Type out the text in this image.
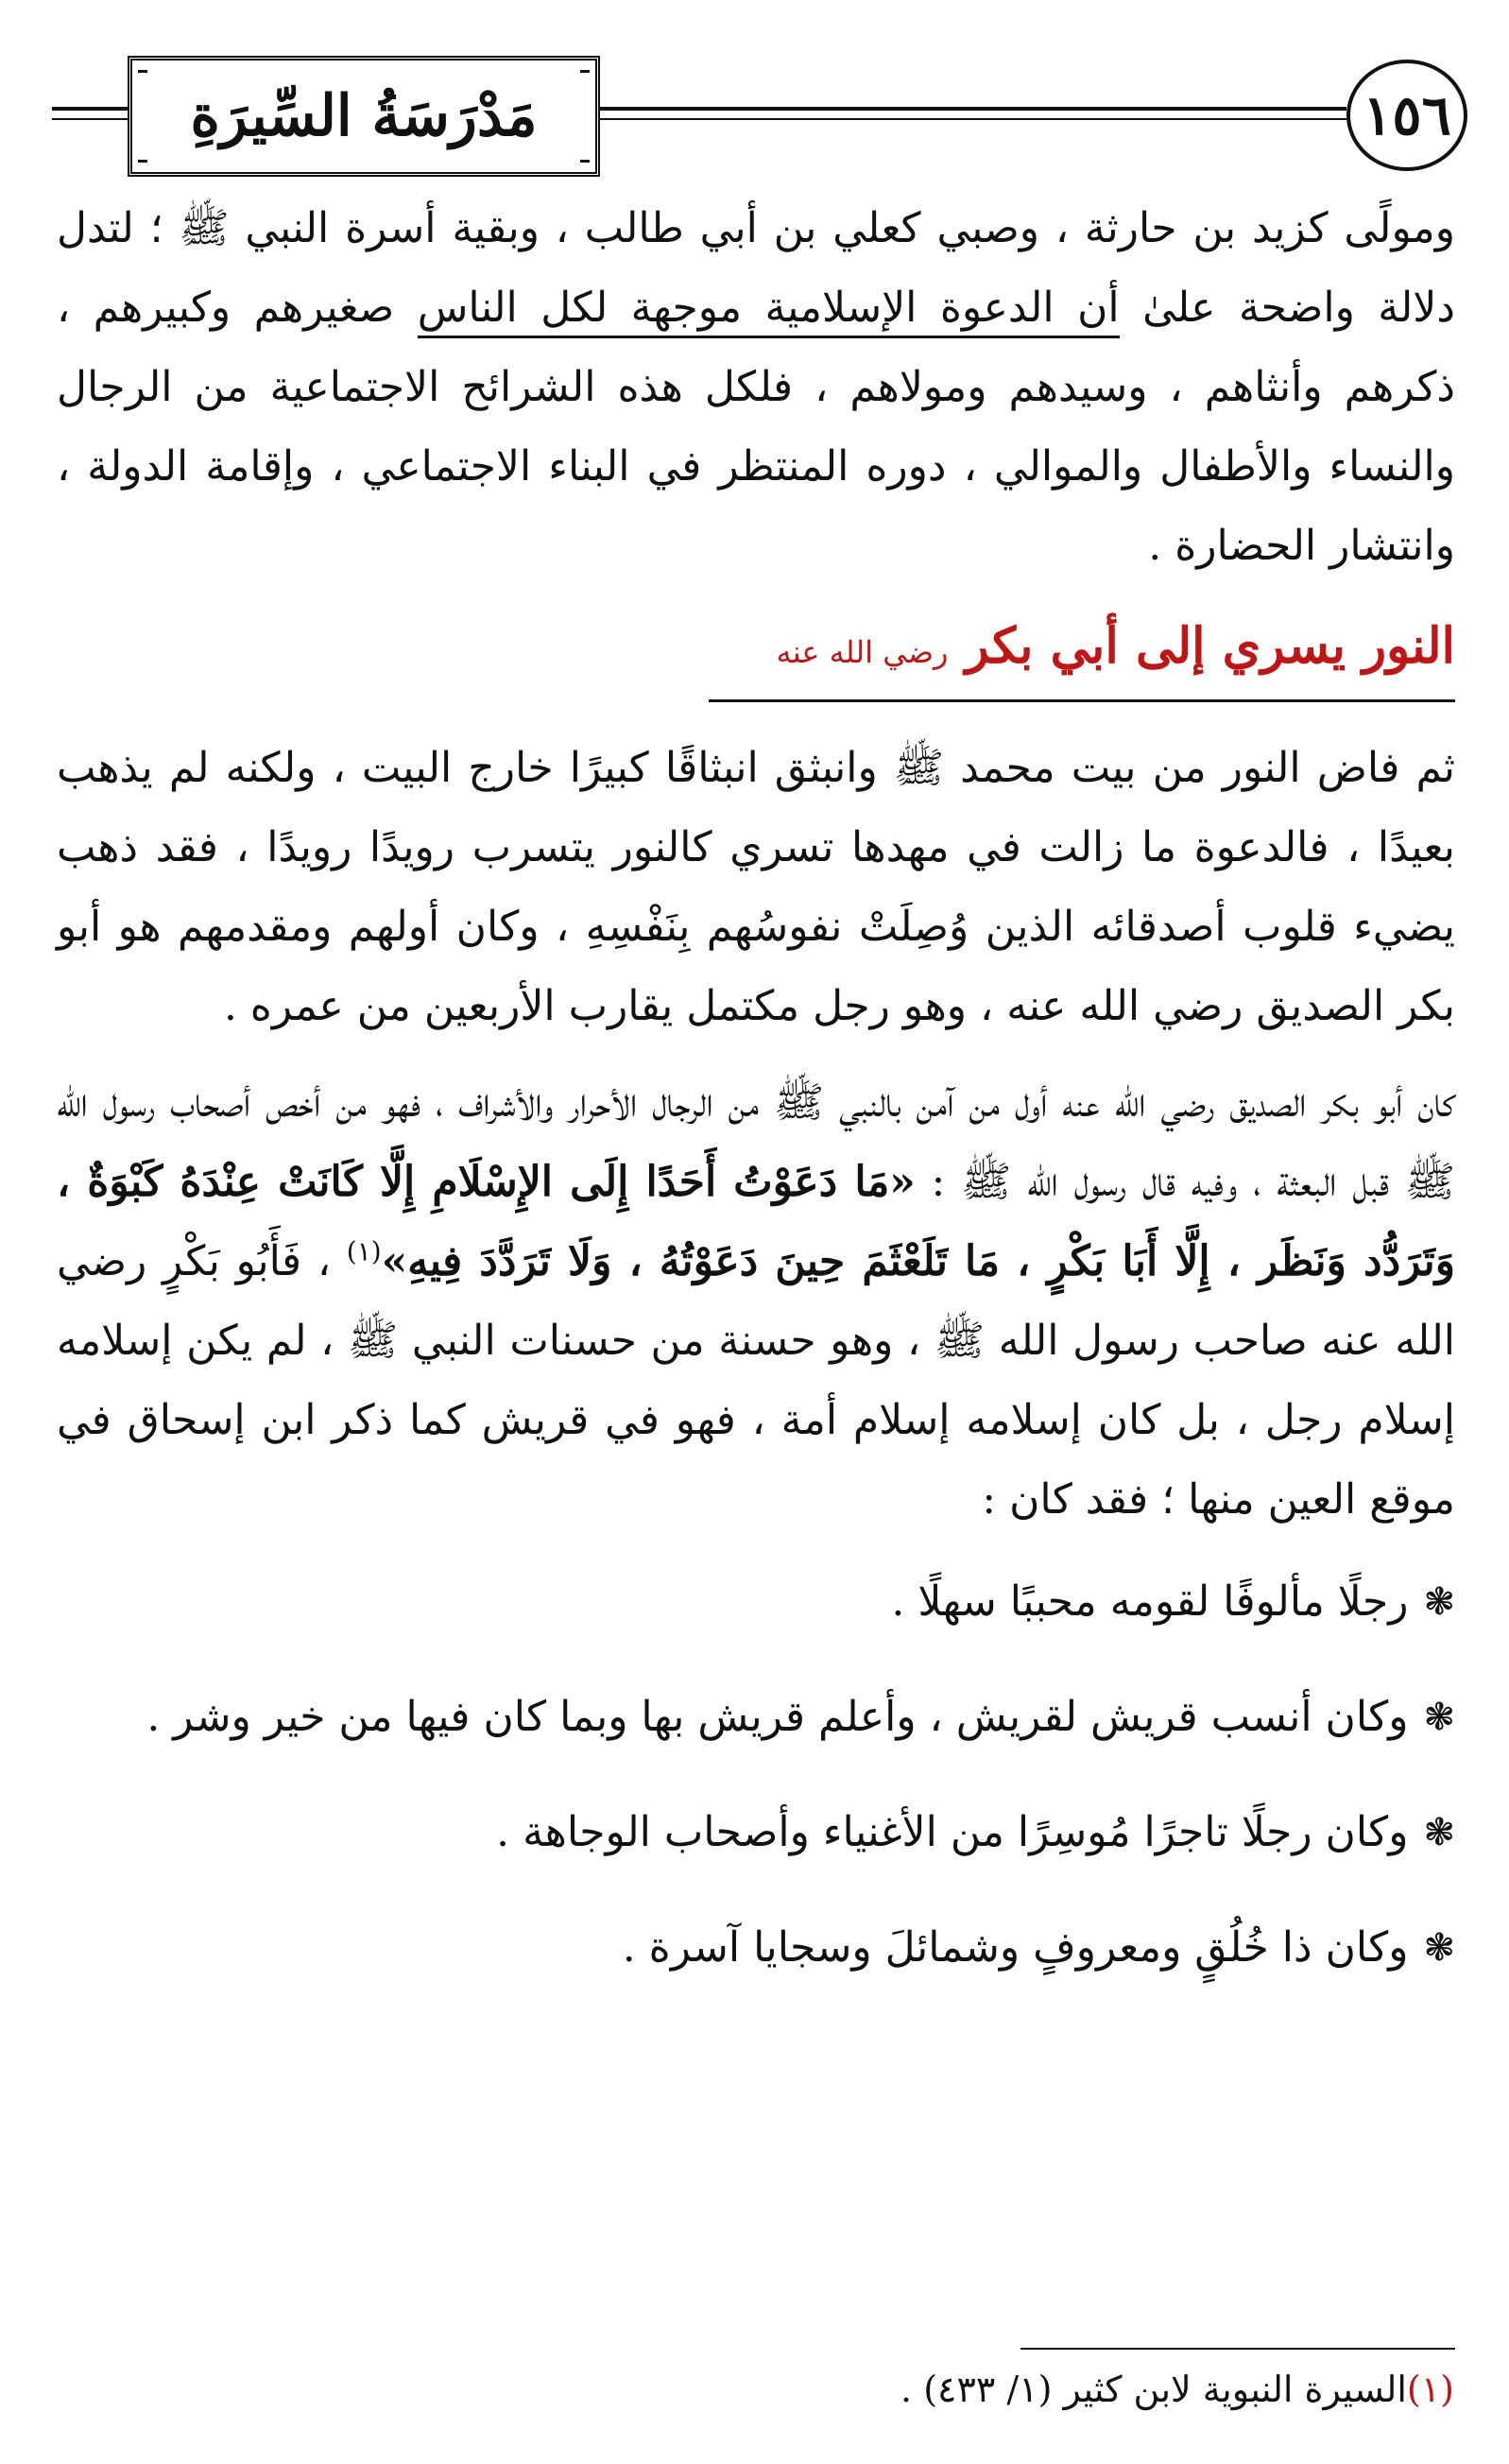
مَدْرَسَةُ السِّيرَةِ	١٥٦

ومولًى كزيد بن حارثة ، وصبي كعلي بن أبي طالب ، وبقية أسرة النبي ﷺ ؛ لتدل دلالة واضحة علىٰ أن الدعوة الإسلامية موجهة لكل الناس صغيرهم وكبيرهم ، ذكرهم وأنثاهم ، وسيدهم ومولاهم ، فلكل هذه الشرائح الاجتماعية من الرجال والنساء والأطفال والموالي ، دوره المنتظر في البناء الاجتماعي ، وإقامة الدولة ، وانتشار الحضارة .

النور يسري إلى أبي بكر رضي الله عنه

ثم فاض النور من بيت محمد ﷺ وانبثق انبثاقًا كبيرًا خارج البيت ، ولكنه لم يذهب بعيدًا ، فالدعوة ما زالت في مهدها تسري كالنور يتسرب رويدًا رويدًا ، فقد ذهب يضيء قلوب أصدقائه الذين وُصِلَتْ نفوسُهم بِنَفْسِهِ ، وكان أولهم ومقدمهم هو أبو بكر الصديق رضي الله عنه ، وهو رجل مكتمل يقارب الأربعين من عمره .

كان أبو بكر الصديق رضي الله عنه أول من آمن بالنبي ﷺ من الرجال الأحرار والأشراف ، فهو من أخص أصحاب رسول الله ﷺ قبل البعثة ، وفيه قال رسول الله ﷺ : «مَا دَعَوْتُ أَحَدًا إِلَى الإِسْلَامِ إِلَّا كَانَتْ عِنْدَهُ كَبْوَةٌ ، وَتَرَدُّد وَنَظَر ، إِلَّا أَبَا بَكْرٍ ، مَا تَلَعْثَمَ حِينَ دَعَوْتُهُ ، وَلَا تَرَدَّدَ فِيهِ»$^{(١)}$ ، فَأَبُو بَكْرٍ رضي الله عنه صاحب رسول الله ﷺ ، وهو حسنة من حسنات النبي ﷺ ، لم يكن إسلامه إسلام رجل ، بل كان إسلامه إسلام أمة ، فهو في قريش كما ذكر ابن إسحاق في موقع العين منها ؛ فقد كان :

❃
رجلًا مألوفًا لقومه محببًا سهلًا .

❃
وكان أنسب قريش لقريش ، وأعلم قريش بها وبما كان فيها من خير وشر .

❃
وكان رجلًا تاجرًا مُوسِرًا من الأغنياء وأصحاب الوجاهة .

❃
وكان ذا خُلُقٍ ومعروفٍ وشمائلَ وسجايا آسرة .

(١)السيرة النبوية لابن كثير (١/ ٤٣٣) .
